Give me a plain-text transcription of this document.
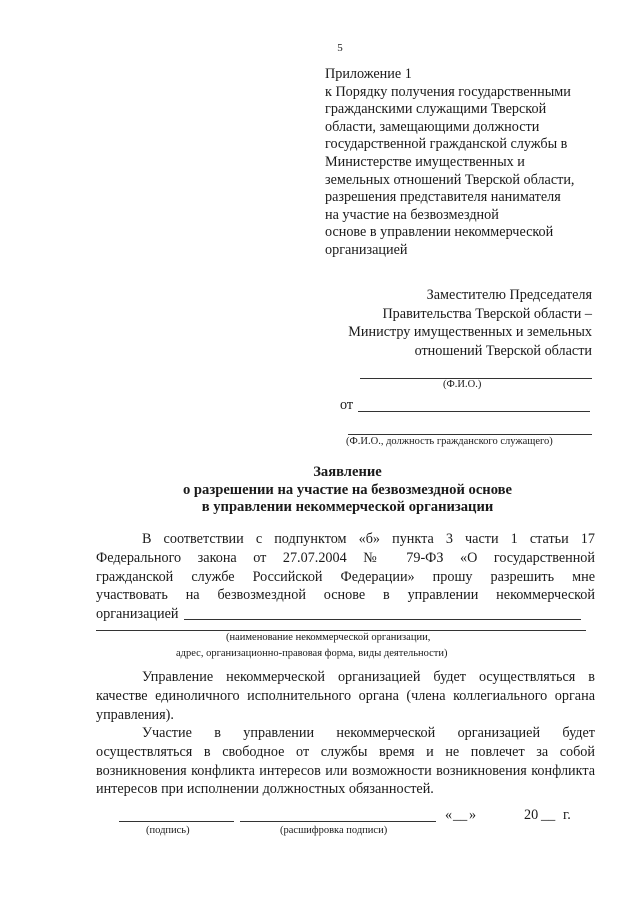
5
Приложение 1
к Порядку получения государственными
гражданскими служащими Тверской
области, замещающими должности
государственной гражданской службы в
Министерстве имущественных и
земельных отношений Тверской области,
разрешения представителя нанимателя
на участие на безвозмездной
основе в управлении некоммерческой
организацией
Заместителю Председателя
Правительства Тверской области –
Министру имущественных и земельных
отношений Тверской области
(Ф.И.О.)
от
(Ф.И.О., должность гражданского служащего)
Заявление
о разрешении на участие на безвозмездной основе
в управлении некоммерческой организации
В соответствии с подпунктом «б» пункта 3 части 1 статьи 17
Федерального закона от 27.07.2004 № 79-ФЗ «О государственной
гражданской службе Российской Федерации» прошу разрешить мне
участвовать на безвозмездной основе в управлении некоммерческой
организацией
(наименование некоммерческой организации,
адрес, организационно-правовая форма, виды деятельности)
Управление некоммерческой организацией будет осуществляться в качестве единоличного исполнительного органа (члена коллегиального органа управления).
Участие в управлении некоммерческой организацией будет осуществляться в свободное от службы время и не повлечет за собой возникновения конфликта интересов или возможности возникновения конфликта интересов при исполнении должностных обязанностей.
« __ »	20 __ г.
(подпись)	(расшифровка подписи)
